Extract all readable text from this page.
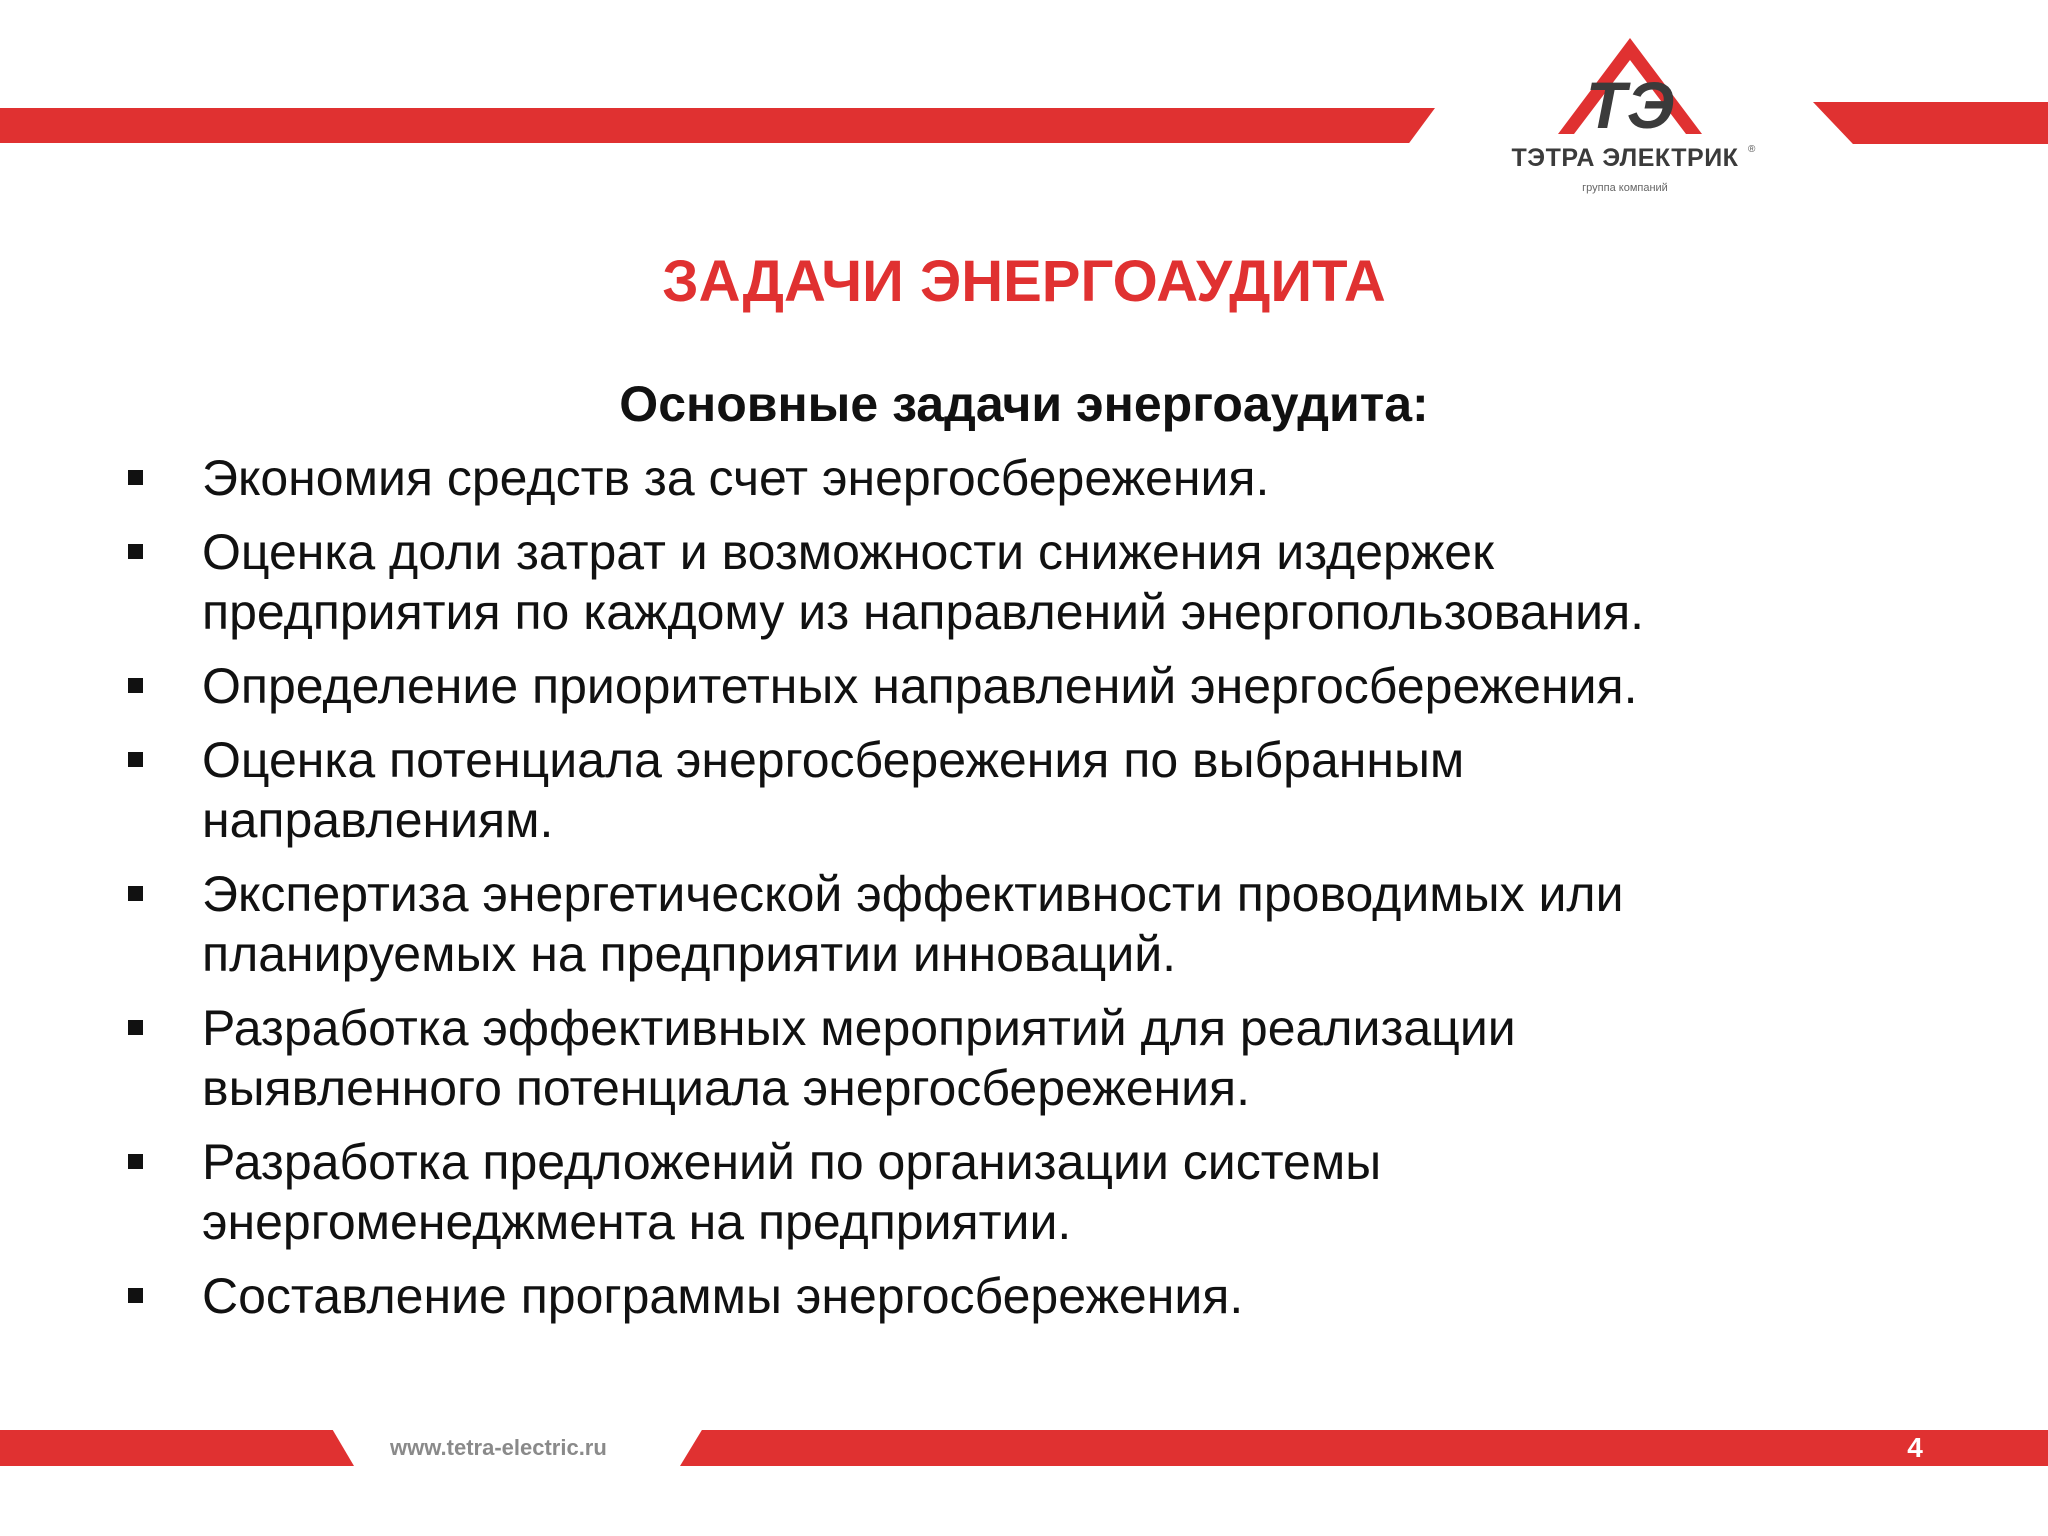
ТЭ
ТЭТРА ЭЛЕКТРИК ®
группа компаний
ЗАДАЧИ ЭНЕРГОАУДИТА
Основные задачи энергоаудита:
Экономия средств за счет энергосбережения.
Оценка доли затрат и возможности снижения издержек
предприятия по каждому из направлений энергопользования.
Определение приоритетных направлений энергосбережения.
Оценка потенциала энергосбережения по выбранным
направлениям.
Экспертиза энергетической эффективности проводимых или
планируемых на предприятии инноваций.
Разработка эффективных мероприятий для реализации
выявленного потенциала энергосбережения.
Разработка предложений по организации системы
энергоменеджмента на предприятии.
Составление программы энергосбережения.
www.tetra-electric.ru	4
